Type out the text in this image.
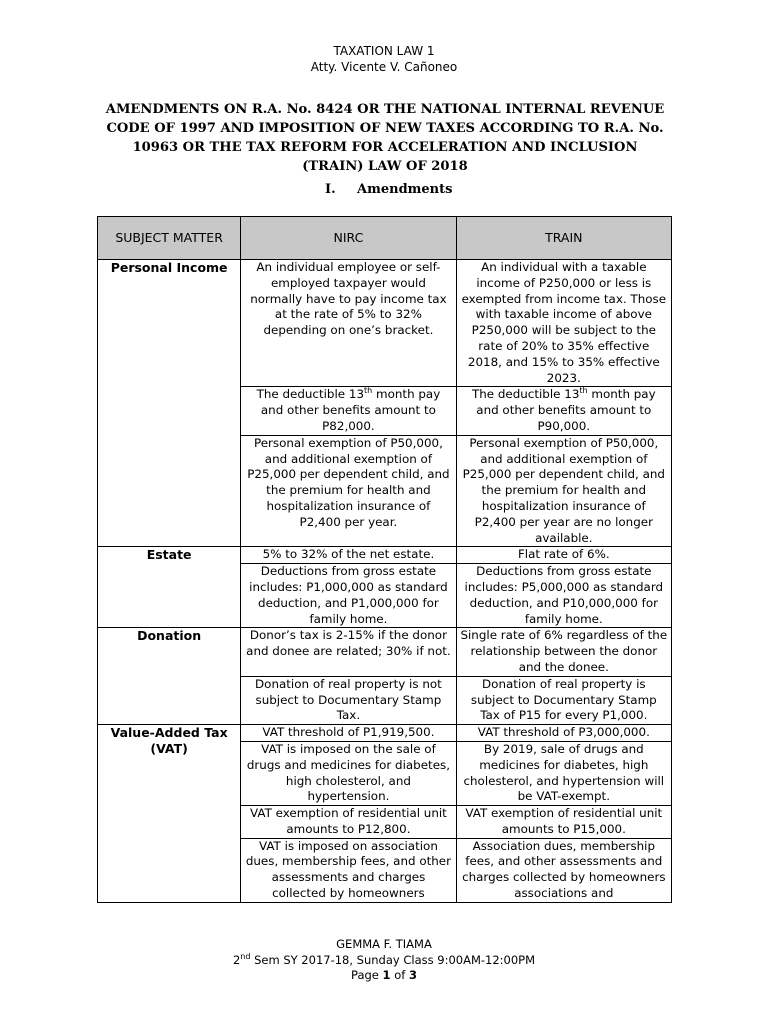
TAXATION LAW 1
Atty. Vicente V. Cañoneo
AMENDMENTS ON R.A. No. 8424 OR THE NATIONAL INTERNAL REVENUE CODE OF 1997 AND IMPOSITION OF NEW TAXES ACCORDING TO R.A. No. 10963 OR THE TAX REFORM FOR ACCELERATION AND INCLUSION (TRAIN) LAW OF 2018
I. Amendments
SUBJECT MATTER	NIRC	TRAIN
Personal Income	An individual employee or self-employed taxpayer would normally have to pay income tax at the rate of 5% to 32% depending on one’s bracket.	An individual with a taxable income of P250,000 or less is exempted from income tax. Those with taxable income of above P250,000 will be subject to the rate of 20% to 35% effective 2018, and 15% to 35% effective 2023.
	The deductible 13th month pay and other benefits amount to P82,000.	The deductible 13th month pay and other benefits amount to P90,000.
	Personal exemption of P50,000, and additional exemption of P25,000 per dependent child, and the premium for health and hospitalization insurance of P2,400 per year.	Personal exemption of P50,000, and additional exemption of P25,000 per dependent child, and the premium for health and hospitalization insurance of P2,400 per year are no longer available.
Estate	5% to 32% of the net estate.	Flat rate of 6%.
	Deductions from gross estate includes: P1,000,000 as standard deduction, and P1,000,000 for family home.	Deductions from gross estate includes: P5,000,000 as standard deduction, and P10,000,000 for family home.
Donation	Donor’s tax is 2-15% if the donor and donee are related; 30% if not.	Single rate of 6% regardless of the relationship between the donor and the donee.
	Donation of real property is not subject to Documentary Stamp Tax.	Donation of real property is subject to Documentary Stamp Tax of P15 for every P1,000.
Value-Added Tax (VAT)	VAT threshold of P1,919,500.	VAT threshold of P3,000,000.
	VAT is imposed on the sale of drugs and medicines for diabetes, high cholesterol, and hypertension.	By 2019, sale of drugs and medicines for diabetes, high cholesterol, and hypertension will be VAT-exempt.
	VAT exemption of residential unit amounts to P12,800.	VAT exemption of residential unit amounts to P15,000.
	VAT is imposed on association dues, membership fees, and other assessments and charges collected by homeowners	Association dues, membership fees, and other assessments and charges collected by homeowners associations and
GEMMA F. TIAMA
2nd Sem SY 2017-18, Sunday Class 9:00AM-12:00PM
Page 1 of 3
